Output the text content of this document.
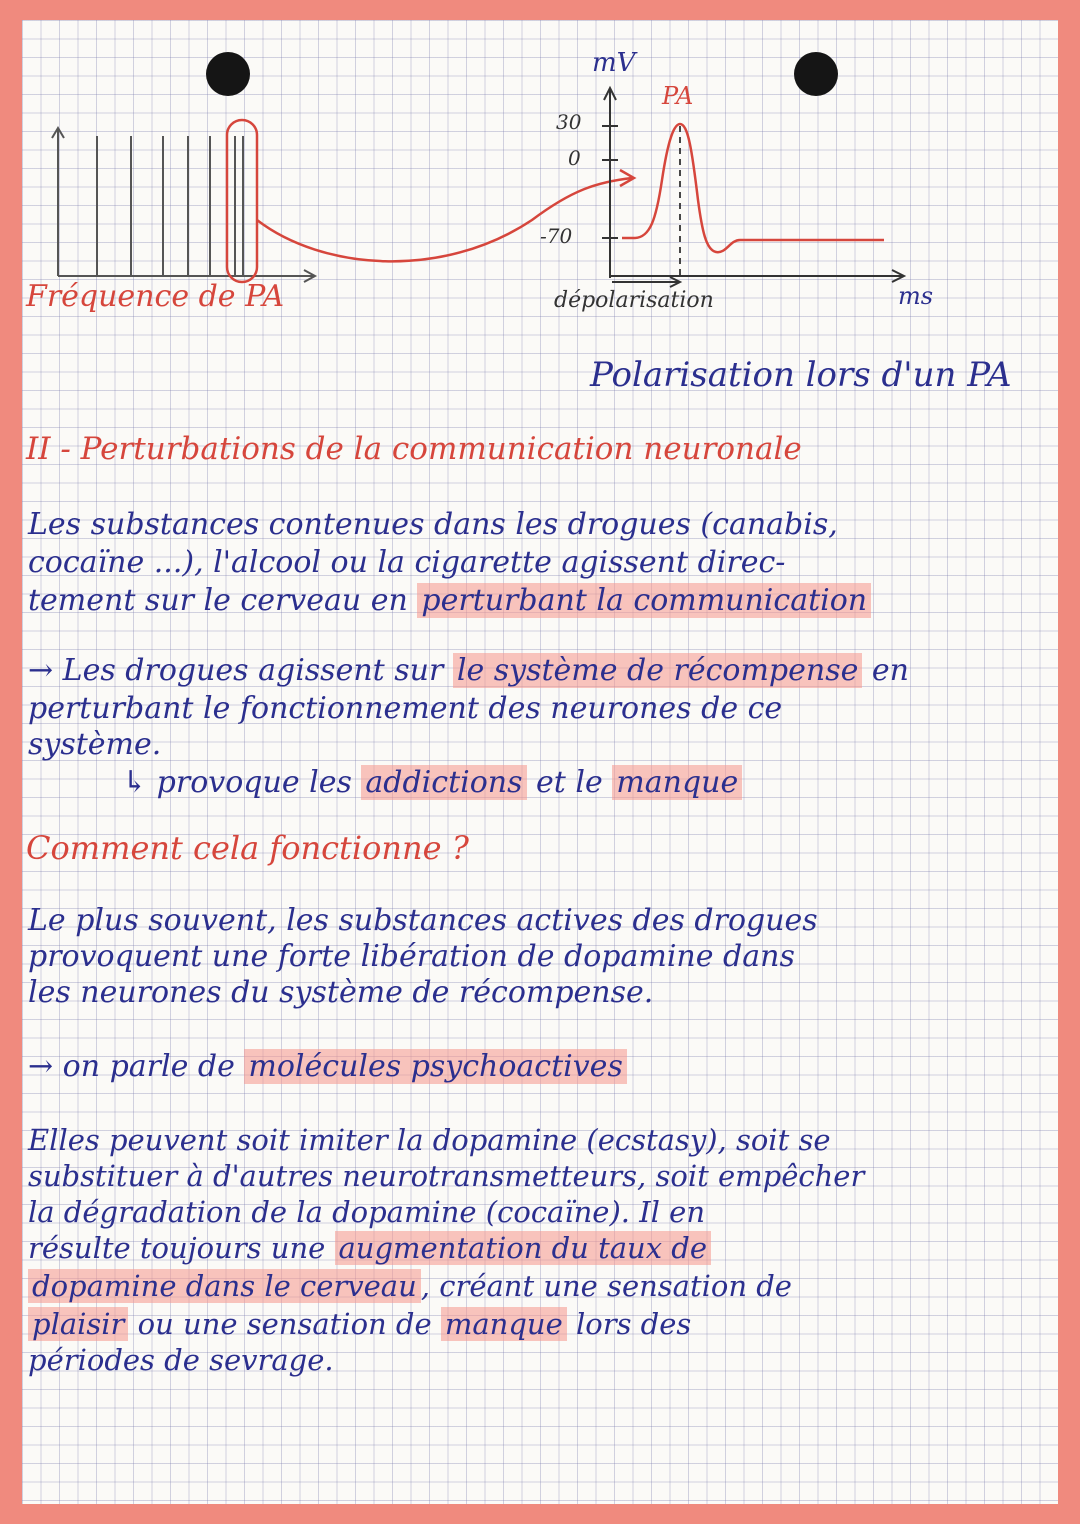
mV
PA
30
0
-70
Fréquence de PA	dépolarisation	ms
Polarisation lors d'un PA
II - Perturbations de la communication neuronale
Les substances contenues dans les drogues (canabis,
cocaïne ...), l'alcool ou la cigarette agissent direc-
tement sur le cerveau en perturbant la communication
→ Les drogues agissent sur le système de récompense en
perturbant le fonctionnement des neurones de ce
système.
↳ provoque les addictions et le manque
Comment cela fonctionne ?
Le plus souvent, les substances actives des drogues
provoquent une forte libération de dopamine dans
les neurones du système de récompense.
→ on parle de molécules psychoactives
Elles peuvent soit imiter la dopamine (ecstasy), soit se
substituer à d'autres neurotransmetteurs, soit empêcher
la dégradation de la dopamine (cocaïne). Il en
résulte toujours une augmentation du taux de
dopamine dans le cerveau , créant une sensation de
plaisir ou une sensation de manque lors des
périodes de sevrage.
